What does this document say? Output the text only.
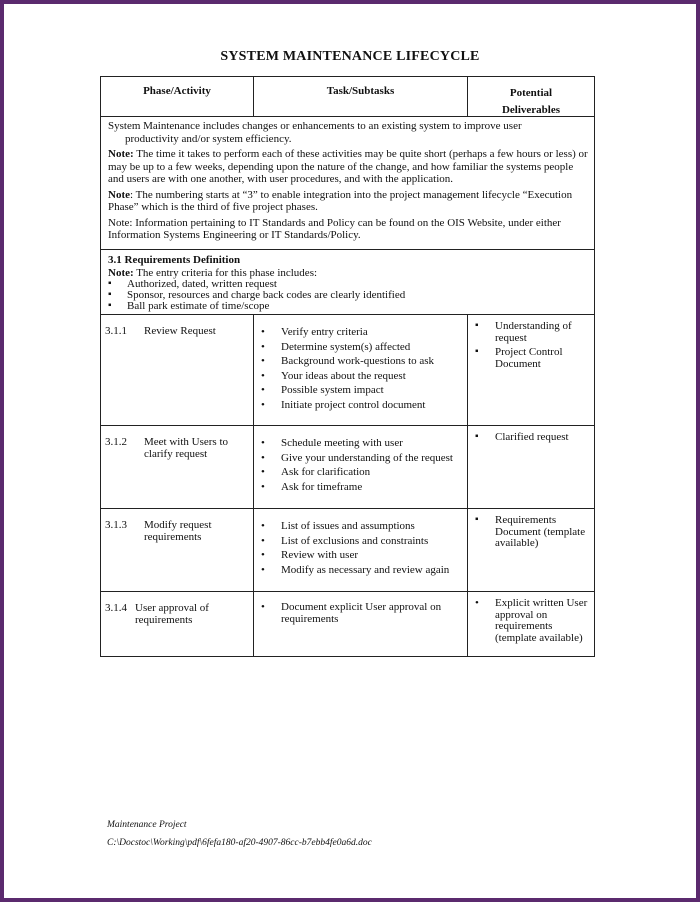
SYSTEM MAINTENANCE LIFECYCLE
Phase/Activity	Task/Subtasks	Potential
Deliverables

System Maintenance includes changes or enhancements to an existing system to improve user
productivity and/or system efficiency.

Note: The time it takes to perform each of these activities may be quite short (perhaps a few hours or less) or may be up to a few weeks, depending upon the nature of the change, and how familiar the systems people and users are with one another, with user procedures, and with the application.

Note: The numbering starts at “3” to enable integration into the project management lifecycle “Execution Phase” which is the third of five project phases.

Note: Information pertaining to IT Standards and Policy can be found on the OIS Website, under either Information Systems Engineering or IT Standards/Policy.

3.1 Requirements Definition
Note: The entry criteria for this phase includes:
▪ Authorized, dated, written request
▪ Sponsor, resources and charge back codes are clearly identified
▪ Ball park estimate of time/scope
3.1.1	Review Request
•	Verify entry criteria
• Determine system(s) affected
• Background work-questions to ask
• Your ideas about the request
• Possible system impact
• Initiate project control document
▪ Understanding of request
▪ Project Control Document
3.1.2	Meet with Users to clarify request
• Schedule meeting with user
• Give your understanding of the request
• Ask for clarification
• Ask for timeframe
▪ Clarified request
3.1.3	Modify request requirements
• List of issues and assumptions
• List of exclusions and constraints
• Review with user
• Modify as necessary and review again
▪ Requirements Document (template available)
3.1.4 User approval of requirements
• Document explicit User approval on requirements
• Explicit written User approval on requirements (template available)
Maintenance Project
C:\Docstoc\Working\pdf\6fefa180-af20-4907-86cc-b7ebb4fe0a6d.doc
